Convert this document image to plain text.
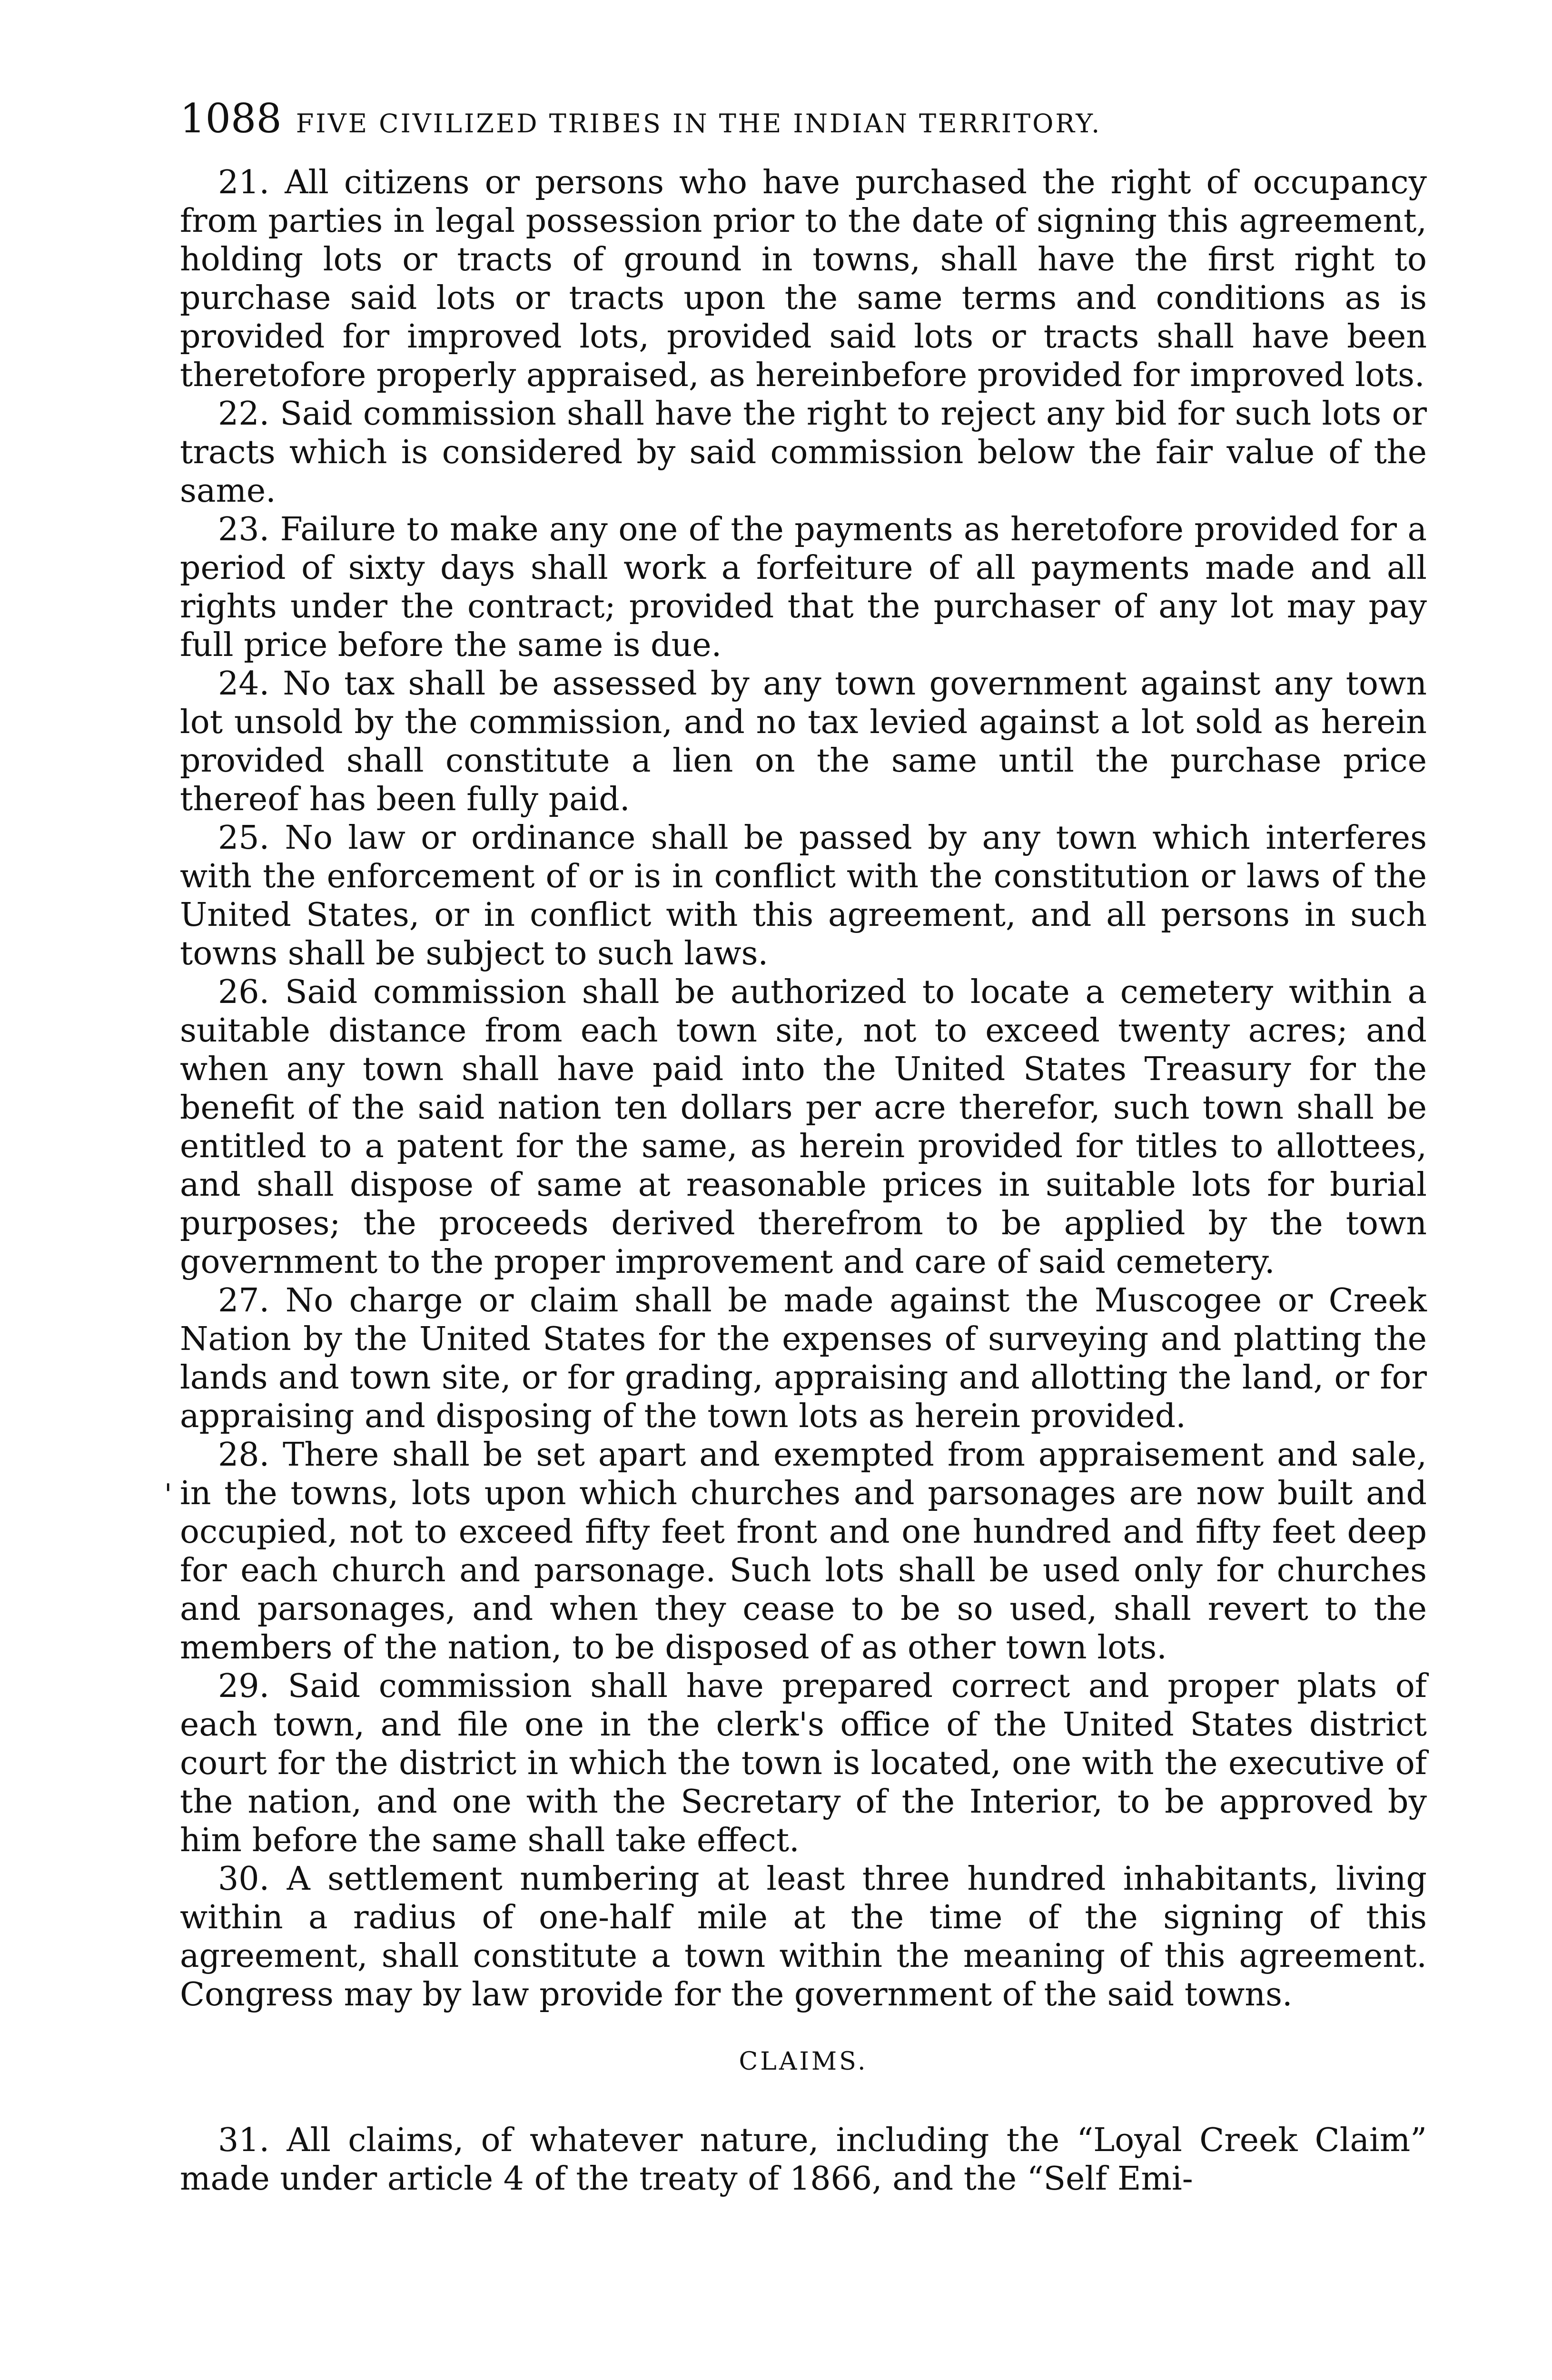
1088 FIVE CIVILIZED TRIBES IN THE INDIAN TERRITORY.

21. All citizens or persons who have purchased the right of occupancy from parties in legal possession prior to the date of signing this agreement, holding lots or tracts of ground in towns, shall have the first right to purchase said lots or tracts upon the same terms and conditions as is provided for improved lots, provided said lots or tracts shall have been theretofore properly appraised, as hereinbefore provided for improved lots.

22. Said commission shall have the right to reject any bid for such lots or tracts which is considered by said commission below the fair value of the same.

23. Failure to make any one of the payments as heretofore provided for a period of sixty days shall work a forfeiture of all payments made and all rights under the contract; provided that the purchaser of any lot may pay full price before the same is due.

24. No tax shall be assessed by any town government against any town lot unsold by the commission, and no tax levied against a lot sold as herein provided shall constitute a lien on the same until the purchase price thereof has been fully paid.

25. No law or ordinance shall be passed by any town which interferes with the enforcement of or is in conflict with the constitution or laws of the United States, or in conflict with this agreement, and all persons in such towns shall be subject to such laws.

26. Said commission shall be authorized to locate a cemetery within a suitable distance from each town site, not to exceed twenty acres; and when any town shall have paid into the United States Treasury for the benefit of the said nation ten dollars per acre therefor, such town shall be entitled to a patent for the same, as herein provided for titles to allottees, and shall dispose of same at reasonable prices in suitable lots for burial purposes; the proceeds derived therefrom to be applied by the town government to the proper improvement and care of said cemetery.

27. No charge or claim shall be made against the Muscogee or Creek Nation by the United States for the expenses of surveying and platting the lands and town site, or for grading, appraising and allotting the land, or for appraising and disposing of the town lots as herein provided.

28. There shall be set apart and exempted from appraisement and sale, in the towns, lots upon which churches and parsonages are now built and occupied, not to exceed fifty feet front and one hundred and fifty feet deep for each church and parsonage. Such lots shall be used only for churches and parsonages, and when they cease to be so used, shall revert to the members of the nation, to be disposed of as other town lots.

29. Said commission shall have prepared correct and proper plats of each town, and file one in the clerk's office of the United States district court for the district in which the town is located, one with the executive of the nation, and one with the Secretary of the Interior, to be approved by him before the same shall take effect.

30. A settlement numbering at least three hundred inhabitants, living within a radius of one-half mile at the time of the signing of this agreement, shall constitute a town within the meaning of this agreement. Congress may by law provide for the government of the said towns.

CLAIMS.

31. All claims, of whatever nature, including the “Loyal Creek Claim” made under article 4 of the treaty of 1866, and the “Self Emi-

'
